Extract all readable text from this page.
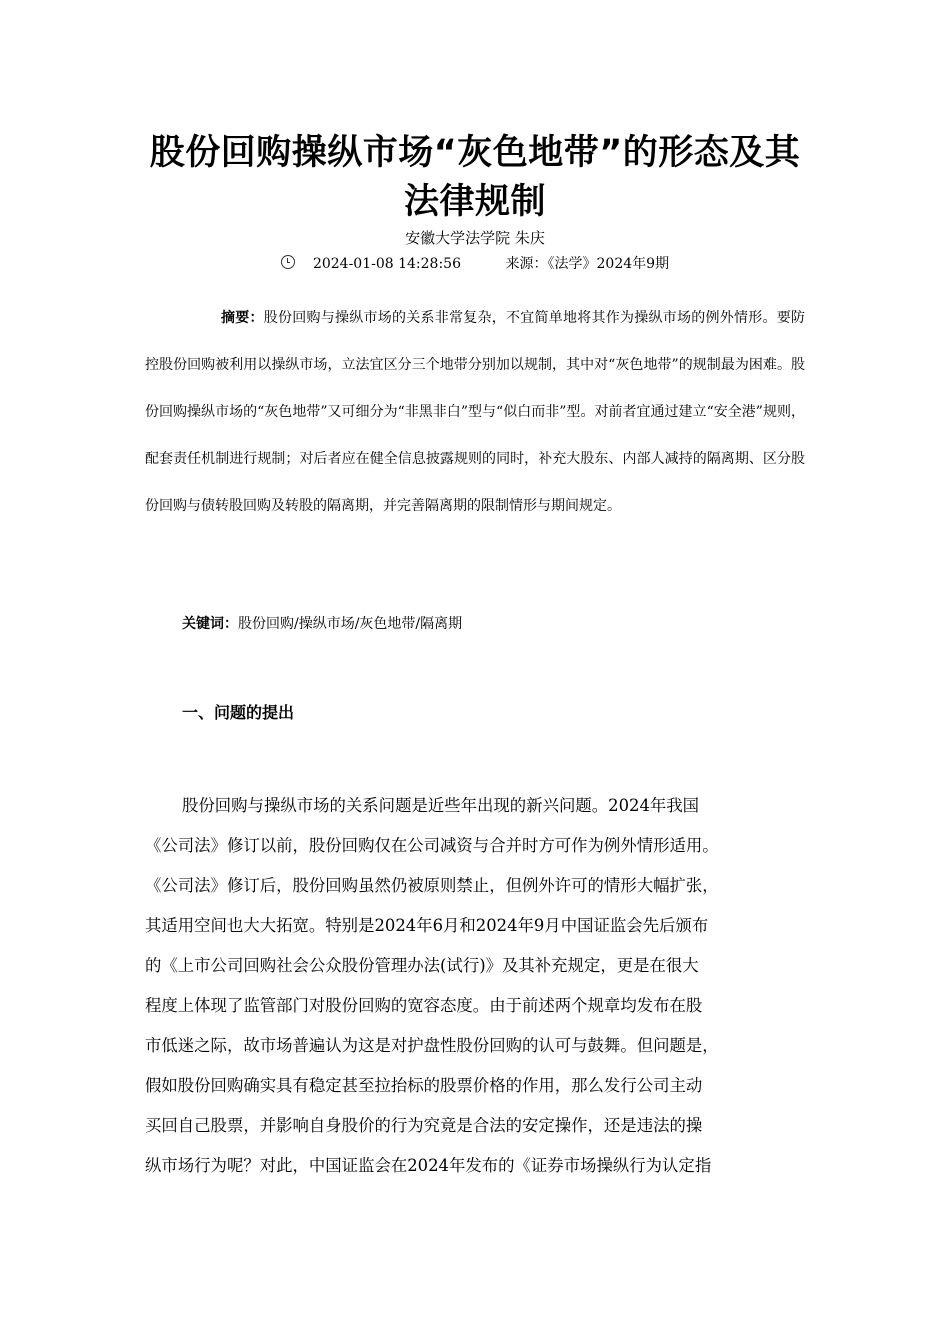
股份回购操纵市场“灰色地带”的形态及其
法律规制
安徽大学法学院 朱庆
2024-01-08 14:28:56	来源：《法学》2024年9期
摘要：股份回购与操纵市场的关系非常复杂，不宜简单地将其作为操纵市场的例外情形。要防控股份回购被利用以操纵市场，立法宜区分三个地带分别加以规制，其中对“灰色地带”的规制最为困难。股份回购操纵市场的“灰色地带”又可细分为“非黑非白”型与“似白而非”型。对前者宜通过建立“安全港”规则，配套责任机制进行规制；对后者应在健全信息披露规则的同时，补充大股东、内部人减持的隔离期、区分股份回购与债转股回购及转股的隔离期，并完善隔离期的限制情形与期间规定。
关键词：股份回购/操纵市场/灰色地带/隔离期
一、问题的提出
股份回购与操纵市场的关系问题是近些年出现的新兴问题。2024年我国
《公司法》修订以前，股份回购仅在公司减资与合并时方可作为例外情形适用。
《公司法》修订后，股份回购虽然仍被原则禁止，但例外许可的情形大幅扩张，
其适用空间也大大拓宽。特别是2024年6月和2024年9月中国证监会先后颁布
的《上市公司回购社会公众股份管理办法(试行)》及其补充规定，更是在很大
程度上体现了监管部门对股份回购的宽容态度。由于前述两个规章均发布在股
市低迷之际，故市场普遍认为这是对护盘性股份回购的认可与鼓舞。但问题是，
假如股份回购确实具有稳定甚至拉抬标的股票价格的作用，那么发行公司主动
买回自己股票，并影响自身股价的行为究竟是合法的安定操作，还是违法的操
纵市场行为呢？对此，中国证监会在2024年发布的《证券市场操纵行为认定指
